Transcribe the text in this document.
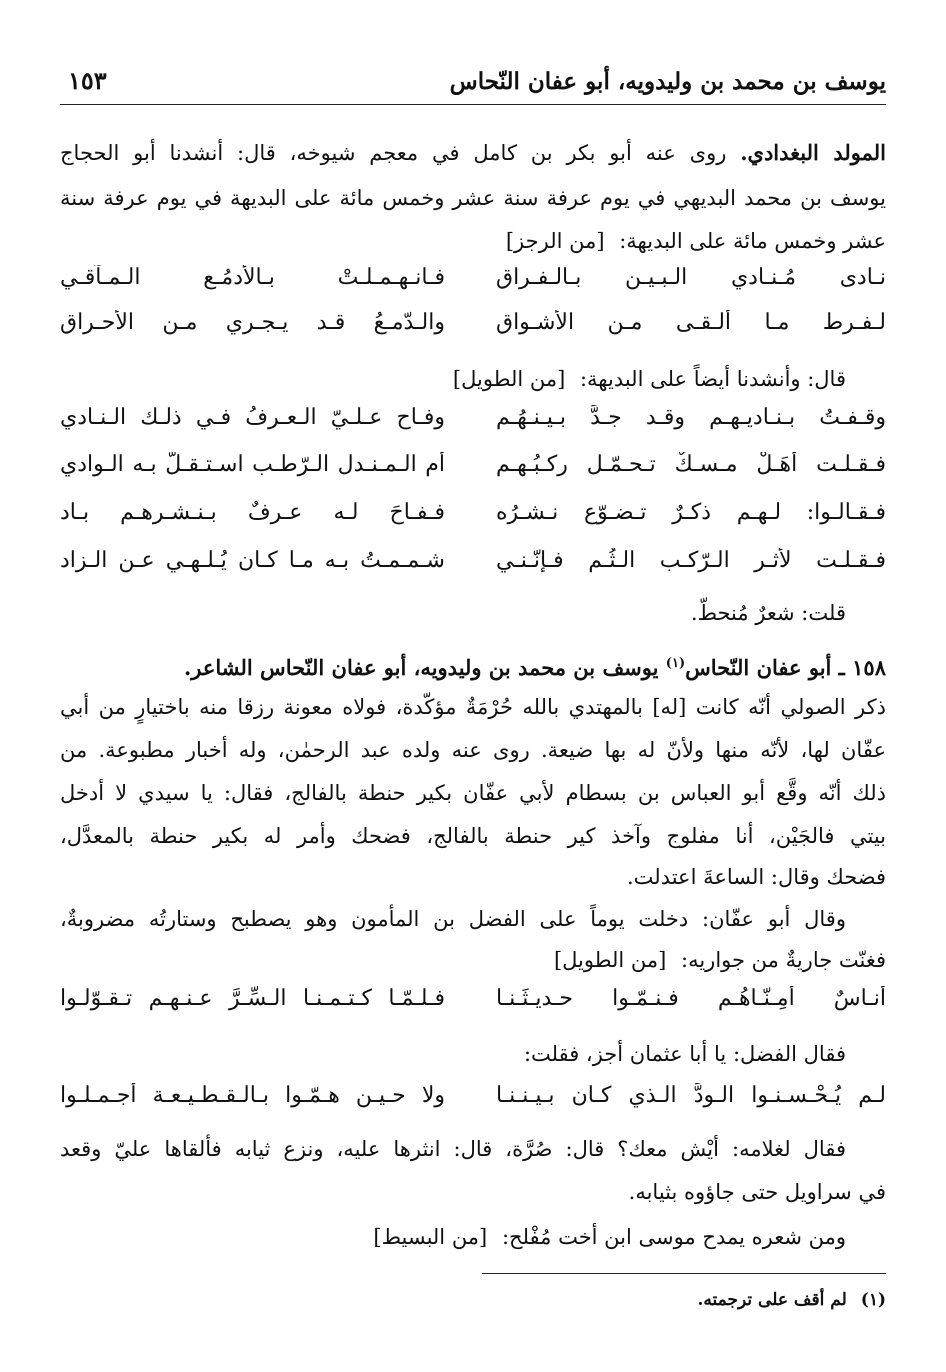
يوسف بن محمد بن وليدويه، أبو عفان النّحاس
١٥٣
المولد البغدادي. روى عنه أبو بكر بن كامل في معجم شيوخه، قال: أنشدنا أبو الحجاج
يوسف بن محمد البديهي في يوم عرفة سنة عشر وخمس مائة على البديهة في يوم عرفة سنة
عشر وخمس مائة على البديهة: [من الرجز]
نـادى مُـنـادي الـبـيـنِ بـالـفـراق
فـانـهـمـلـتْ بـالأدمُـعِ الـمـآقـي
لـفـرط مـا ألـقـى مـن الأشـواق
والـدّمـعُ قـد يـجـري مـن الأحـراق
قال: وأنشدنا أيضاً على البديهة: [من الطويل]
وقـفـتُ بـنـاديـهـم وقـد جـدَّ بـيـنـهُـم
وفـاح عـلـيّ الـعـرفُ فـي ذلـك الـنـادي
فـقـلـت أَهَـلْ مـسـكٌ تـحـمّـل ركـبُـهـم
أم الـمـنـدل الـرّطـب اسـتـقـلّ بـه الـوادي
فـقـالـوا: لـهـم ذكـرٌ تـضـوّع نـشـرُه
فـفـاحَ لـه عـرفٌ بـنـشـرهـم بـاد
فـقـلـت لأثـر الـرّكـب الـثُـم فـإنّـنـي
شـمـمـتُ بـه مـا كـان يُـلـهـي عـن الـزاد
قلت: شعرٌ مُنحطّ.
١٥٨ ـ أبو عفان النّحاس$^{(١)}$ يوسف بن محمد بن وليدويه، أبو عفان النّحاس الشاعر.
ذكر الصولي أنّه كانت [له] بالمهتدي بالله حُرْمَةٌ مؤكّدة، فولاه معونة رزقا منه باختيارٍ من أبي
عفّان لها، لأنّه منها ولأنّ له بها ضيعة. روى عنه ولده عبد الرحمٰن، وله أخبار مطبوعة. من
ذلك أنّه وقَّع أبو العباس بن بسطام لأبي عفّان بكير حنطة بالفالج، فقال: يا سيدي لا أدخل
بيتي فالجَيْن، أنا مفلوج وآخذ كير حنطة بالفالج، فضحك وأمر له بكير حنطة بالمعدَّل،
فضحك وقال: الساعةَ اعتدلت.
وقال أبو عفّان: دخلت يوماً على الفضل بن المأمون وهو يصطبح وستارتُه مضروبةٌ،
فغنّت جاريةٌ من جواريه: [من الطويل]
أُنـاسٌ أمِـنّـاهُـم فـنـمّـوا حـديـثَـنـا
فـلـمّـا كـتـمـنـا الـسِّـرَّ عـنـهـم تـقـوّلـوا
فقال الفضل: يا أبا عثمان أجز، فقلت:
لـم يُـحْـسـنـوا الـودَّ الـذي كـان بـيـنـنـا
ولا حـيـن هـمّـوا بـالـقـطـيـعـة أجـمـلـوا
فقال لغلامه: أيْش معك؟ قال: صُرَّة، قال: انثرها عليه، ونزع ثيابه فألقاها عليّ وقعد
في سراويل حتى جاؤوه بثيابه.
ومن شعره يمدح موسى ابن أخت مُفْلح: [من البسيط]
(١)لم أقف على ترجمته.
